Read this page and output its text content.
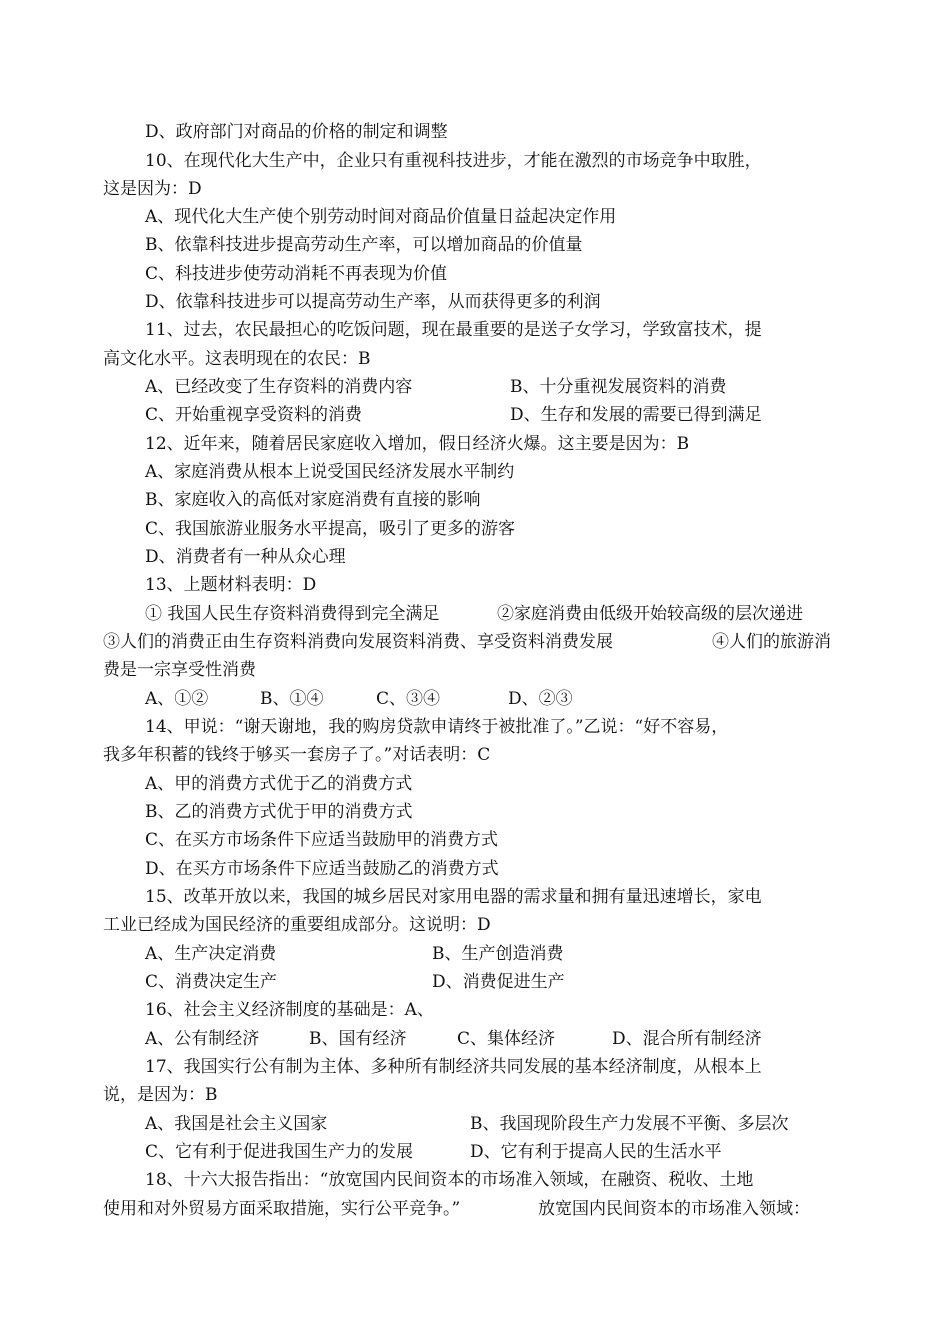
D、政府部门对商品的价格的制定和调整
10、在现代化大生产中，企业只有重视科技进步，才能在激烈的市场竞争中取胜，
这是因为：D
A、现代化大生产使个别劳动时间对商品价值量日益起决定作用
B、依靠科技进步提高劳动生产率，可以增加商品的价值量
C、科技进步使劳动消耗不再表现为价值
D、依靠科技进步可以提高劳动生产率，从而获得更多的利润
11、过去，农民最担心的吃饭问题，现在最重要的是送子女学习，学致富技术，提
高文化水平。这表明现在的农民：B
A、已经改变了生存资料的消费内容	B、十分重视发展资料的消费
C、开始重视享受资料的消费	D、生存和发展的需要已得到满足
12、近年来，随着居民家庭收入增加，假日经济火爆。这主要是因为：B
A、家庭消费从根本上说受国民经济发展水平制约
B、家庭收入的高低对家庭消费有直接的影响
C、我国旅游业服务水平提高，吸引了更多的游客
D、消费者有一种从众心理
13、上题材料表明：D
① 我国人民生存资料消费得到完全满足	②家庭消费由低级开始较高级的层次递进
③人们的消费正由生存资料消费向发展资料消费、享受资料消费发展	④人们的旅游消
费是一宗享受性消费
A、①②	B、①④	C、③④	D、②③
14、甲说：“谢天谢地，我的购房贷款申请终于被批准了。”乙说：“好不容易，
我多年积蓄的钱终于够买一套房子了。”对话表明：C
A、甲的消费方式优于乙的消费方式
B、乙的消费方式优于甲的消费方式
C、在买方市场条件下应适当鼓励甲的消费方式
D、在买方市场条件下应适当鼓励乙的消费方式
15、改革开放以来，我国的城乡居民对家用电器的需求量和拥有量迅速增长，家电
工业已经成为国民经济的重要组成部分。这说明：D
A、生产决定消费	B、生产创造消费
C、消费决定生产	D、消费促进生产
16、社会主义经济制度的基础是：A、
A、公有制经济	B、国有经济	C、集体经济	D、混合所有制经济
17、我国实行公有制为主体、多种所有制经济共同发展的基本经济制度，从根本上
说，是因为：B
A、我国是社会主义国家	B、我国现阶段生产力发展不平衡、多层次
C、它有利于促进我国生产力的发展	D、它有利于提高人民的生活水平
18、十六大报告指出：“放宽国内民间资本的市场准入领域，在融资、税收、土地
使用和对外贸易方面采取措施，实行公平竞争。”	放宽国内民间资本的市场准入领域：
